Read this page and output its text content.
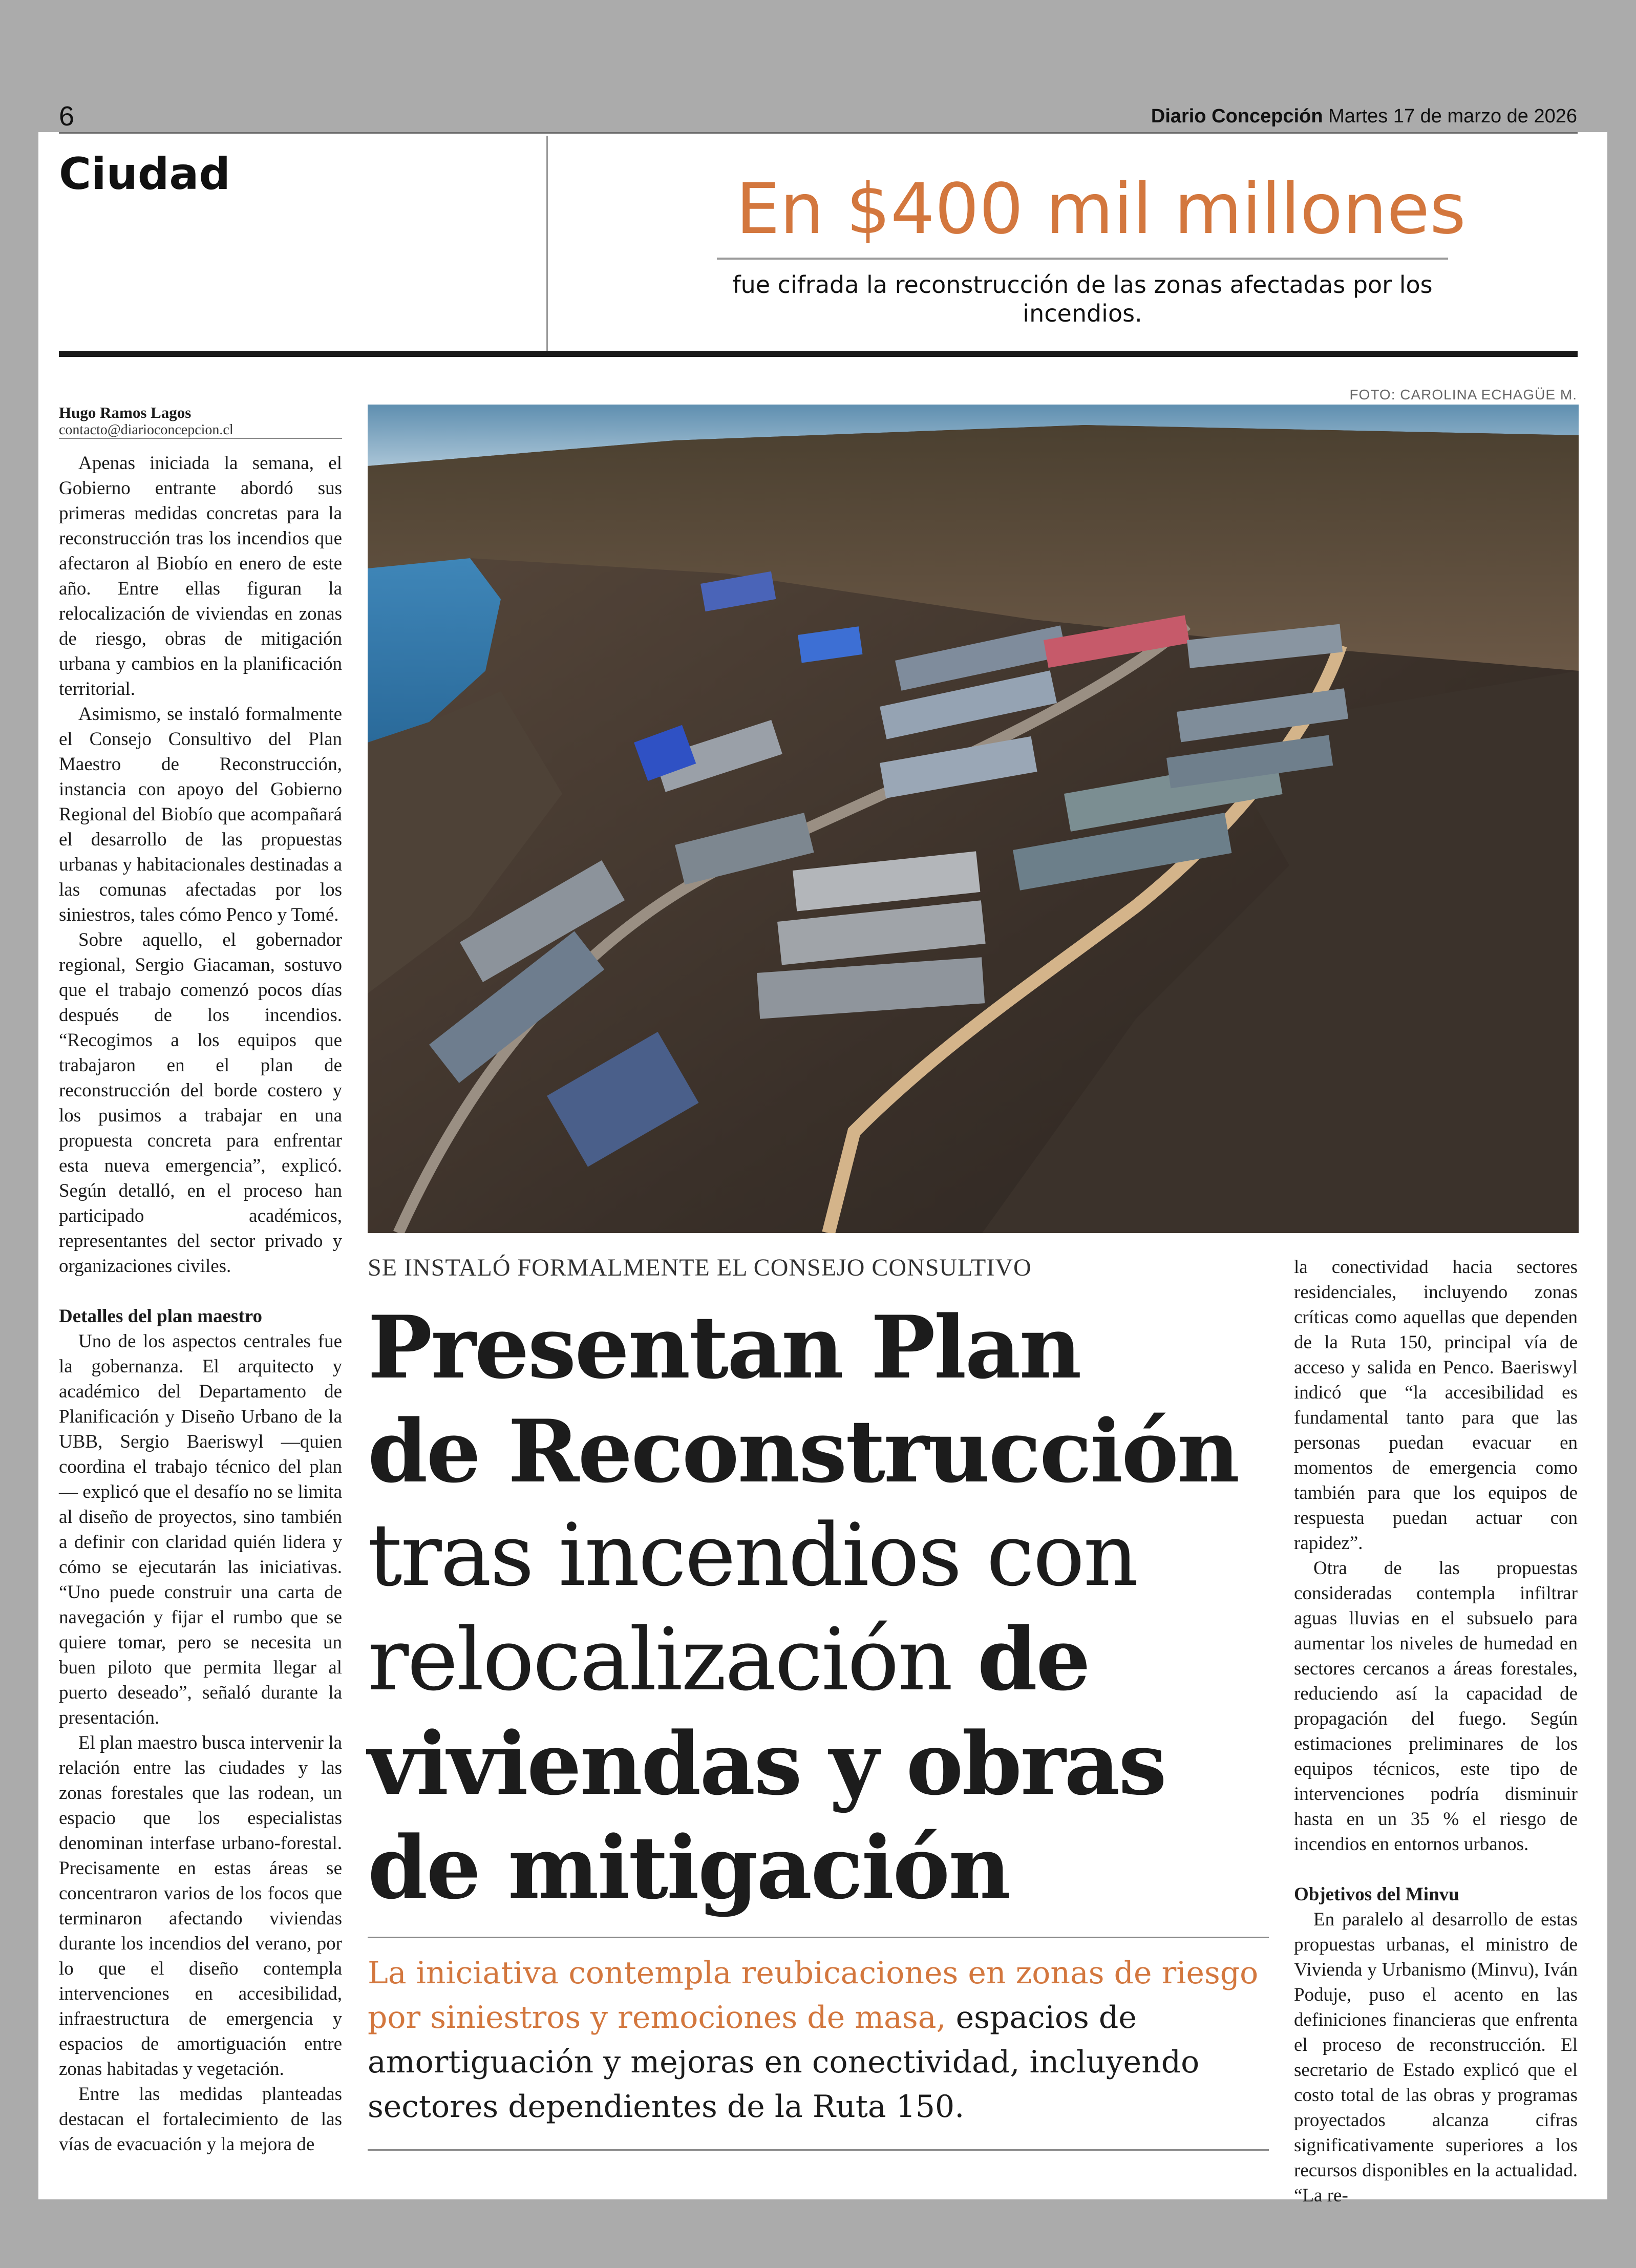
6	Diario Concepción Martes 17 de marzo de 2026
Ciudad	En $400 mil millones
fue cifrada la reconstrucción de las zonas afectadas por los incendios.
FOTO: CAROLINA ECHAGÜE M.
Hugo Ramos Lagos
contacto@diarioconcepcion.cl

Apenas iniciada la semana, el Gobierno entrante abordó sus primeras medidas concretas para la reconstrucción tras los incendios que afectaron al Biobío en enero de este año. Entre ellas figuran la relocalización de viviendas en zonas de riesgo, obras de mitigación urbana y cambios en la planificación territorial.

Asimismo, se instaló formalmente el Consejo Consultivo del Plan Maestro de Reconstrucción, instancia con apoyo del Gobierno Regional del Biobío que acompañará el desarrollo de las propuestas urbanas y habitacionales destinadas a las comunas afectadas por los siniestros, tales cómo Penco y Tomé.

Sobre aquello, el gobernador regional, Sergio Giacaman, sostuvo que el trabajo comenzó pocos días después de los incendios. “Recogimos a los equipos que trabajaron en el plan de reconstrucción del borde costero y los pusimos a trabajar en una propuesta concreta para enfrentar esta nueva emergencia”, explicó. Según detalló, en el proceso han participado académicos, representantes del sector privado y organizaciones civiles.

Detalles del plan maestro

Uno de los aspectos centrales fue la gobernanza. El arquitecto y académico del Departamento de Planificación y Diseño Urbano de la UBB, Sergio Baeriswyl —quien coordina el trabajo técnico del plan— explicó que el desafío no se limita al diseño de proyectos, sino también a definir con claridad quién lidera y cómo se ejecutarán las iniciativas. “Uno puede construir una carta de navegación y fijar el rumbo que se quiere tomar, pero se necesita un buen piloto que permita llegar al puerto deseado”, señaló durante la presentación.

El plan maestro busca intervenir la relación entre las ciudades y las zonas forestales que las rodean, un espacio que los especialistas denominan interfase urbano-forestal. Precisamente en estas áreas se concentraron varios de los focos que terminaron afectando viviendas durante los incendios del verano, por lo que el diseño contempla intervenciones en accesibilidad, infraestructura de emergencia y espacios de amortiguación entre zonas habitadas y vegetación.

Entre las medidas planteadas destacan el fortalecimiento de las vías de evacuación y la mejora de

SE INSTALÓ FORMALMENTE EL CONSEJO CONSULTIVO
Presentan Plan
de Reconstrucción
tras incendios con
relocalización de
viviendas y obras
de mitigación
La iniciativa contempla reubicaciones en zonas de riesgo por siniestros y remociones de masa, espacios de amortiguación y mejoras en conectividad, incluyendo sectores dependientes de la Ruta 150.

la conectividad hacia sectores residenciales, incluyendo zonas críticas como aquellas que dependen de la Ruta 150, principal vía de acceso y salida en Penco. Baeriswyl indicó que “la accesibilidad es fundamental tanto para que las personas puedan evacuar en momentos de emergencia como también para que los equipos de respuesta puedan actuar con rapidez”.

Otra de las propuestas consideradas contempla infiltrar aguas lluvias en el subsuelo para aumentar los niveles de humedad en sectores cercanos a áreas forestales, reduciendo así la capacidad de propagación del fuego. Según estimaciones preliminares de los equipos técnicos, este tipo de intervenciones podría disminuir hasta en un 35 % el riesgo de incendios en entornos urbanos.

Objetivos del Minvu

En paralelo al desarrollo de estas propuestas urbanas, el ministro de Vivienda y Urbanismo (Minvu), Iván Poduje, puso el acento en las definiciones financieras que enfrenta el proceso de reconstrucción. El secretario de Estado explicó que el costo total de las obras y programas proyectados alcanza cifras significativamente superiores a los recursos disponibles en la actualidad. “La re-
